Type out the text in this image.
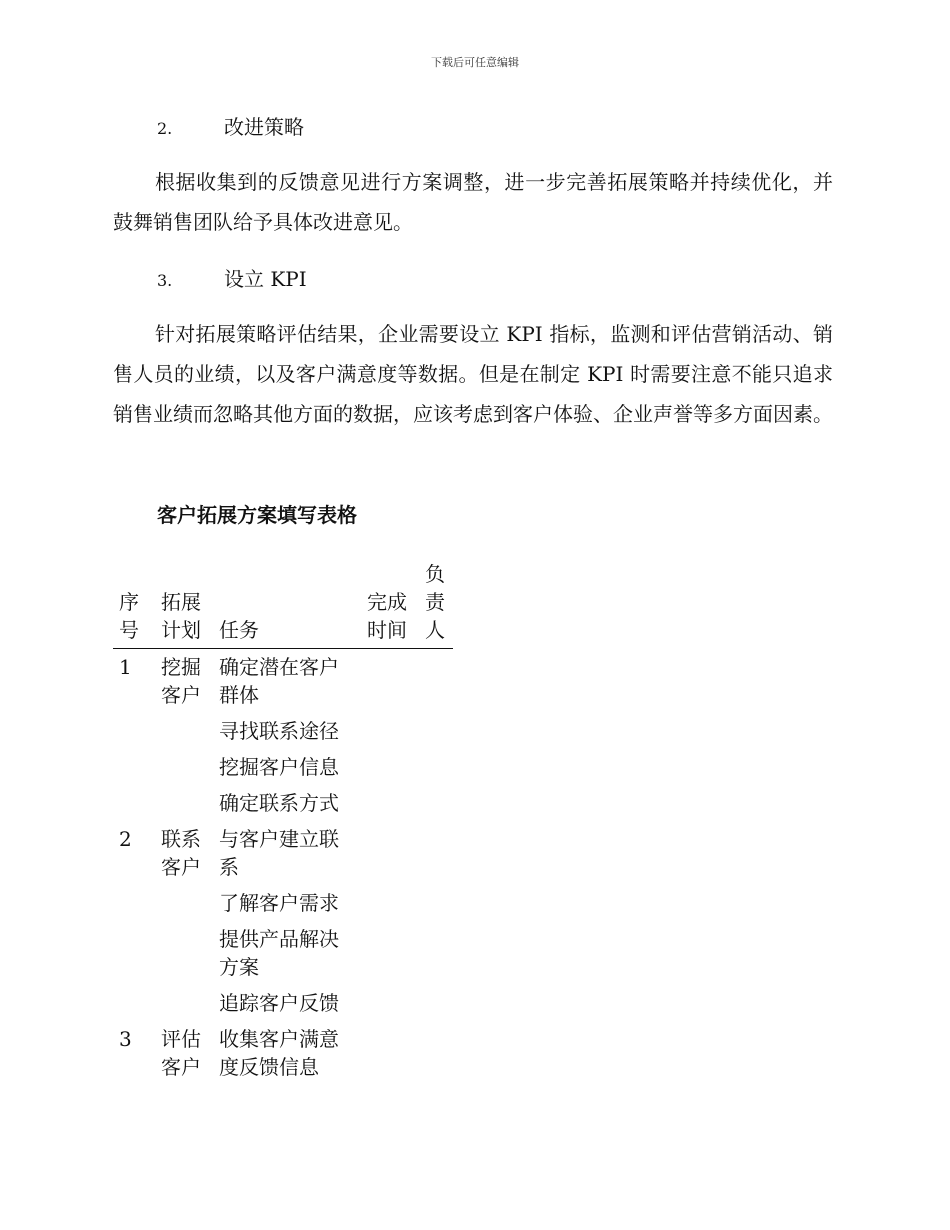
下载后可任意编辑
2.	改进策略
根据收集到的反馈意见进行方案调整，进一步完善拓展策略并持续优化，并鼓舞销售团队给予具体改进意见。
3.	设立 KPI
针对拓展策略评估结果，企业需要设立 KPI 指标，监测和评估营销活动、销售人员的业绩，以及客户满意度等数据。但是在制定 KPI 时需要注意不能只追求销售业绩而忽略其他方面的数据，应该考虑到客户体验、企业声誉等多方面因素。
客户拓展方案填写表格
序号	拓展计划	任务	完成时间	负责人

1	挖掘客户	确定潜在客户群体		

		寻找联系途径		

		挖掘客户信息		

		确定联系方式		

2	联系客户	与客户建立联系		

		了解客户需求		

		提供产品解决方案		

		追踪客户反馈		

3	评估客户	收集客户满意度反馈信息		
